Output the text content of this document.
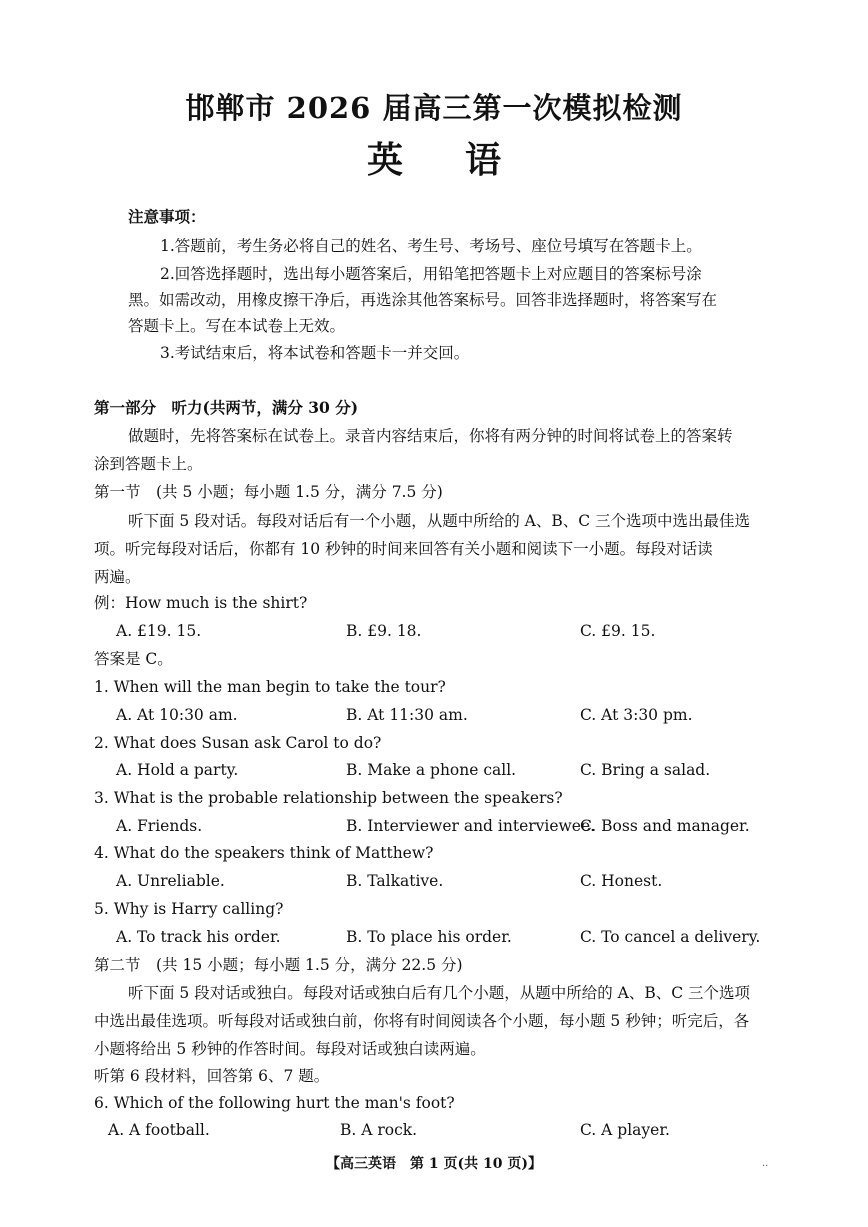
邯郸市 2026 届高三第一次模拟检测
英语
注意事项：
1.答题前，考生务必将自己的姓名、考生号、考场号、座位号填写在答题卡上。
2.回答选择题时，选出每小题答案后，用铅笔把答题卡上对应题目的答案标号涂
黑。如需改动，用橡皮擦干净后，再选涂其他答案标号。回答非选择题时，将答案写在
答题卡上。写在本试卷上无效。
3.考试结束后，将本试卷和答题卡一并交回。
第一部分　听力(共两节，满分 30 分)
做题时，先将答案标在试卷上。录音内容结束后，你将有两分钟的时间将试卷上的答案转
涂到答题卡上。
第一节　(共 5 小题；每小题 1.5 分，满分 7.5 分)
听下面 5 段对话。每段对话后有一个小题，从题中所给的 A、B、C 三个选项中选出最佳选
项。听完每段对话后，你都有 10 秒钟的时间来回答有关小题和阅读下一小题。每段对话读
两遍。
例：How much is the shirt?
A. £19. 15.	B. £9. 18.	C. £9. 15.
答案是 C。
1. When will the man begin to take the tour?
A. At 10:30 am.	B. At 11:30 am.	C. At 3:30 pm.
2. What does Susan ask Carol to do?
A. Hold a party.	B. Make a phone call.	C. Bring a salad.
3. What is the probable relationship between the speakers?
A. Friends.	B. Interviewer and interviewee.
C. Boss and manager.
4. What do the speakers think of Matthew?
A. Unreliable.	B. Talkative.	C. Honest.
5. Why is Harry calling?
A. To track his order.	B. To place his order.	C. To cancel a delivery.
第二节　(共 15 小题；每小题 1.5 分，满分 22.5 分)
听下面 5 段对话或独白。每段对话或独白后有几个小题，从题中所给的 A、B、C 三个选项
中选出最佳选项。听每段对话或独白前，你将有时间阅读各个小题，每小题 5 秒钟；听完后，各
小题将给出 5 秒钟的作答时间。每段对话或独白读两遍。
听第 6 段材料，回答第 6、7 题。
6. Which of the following hurt the man's foot?
A. A football.	B. A rock.	C. A player.
【高三英语　第 1 页(共 10 页)】	..
